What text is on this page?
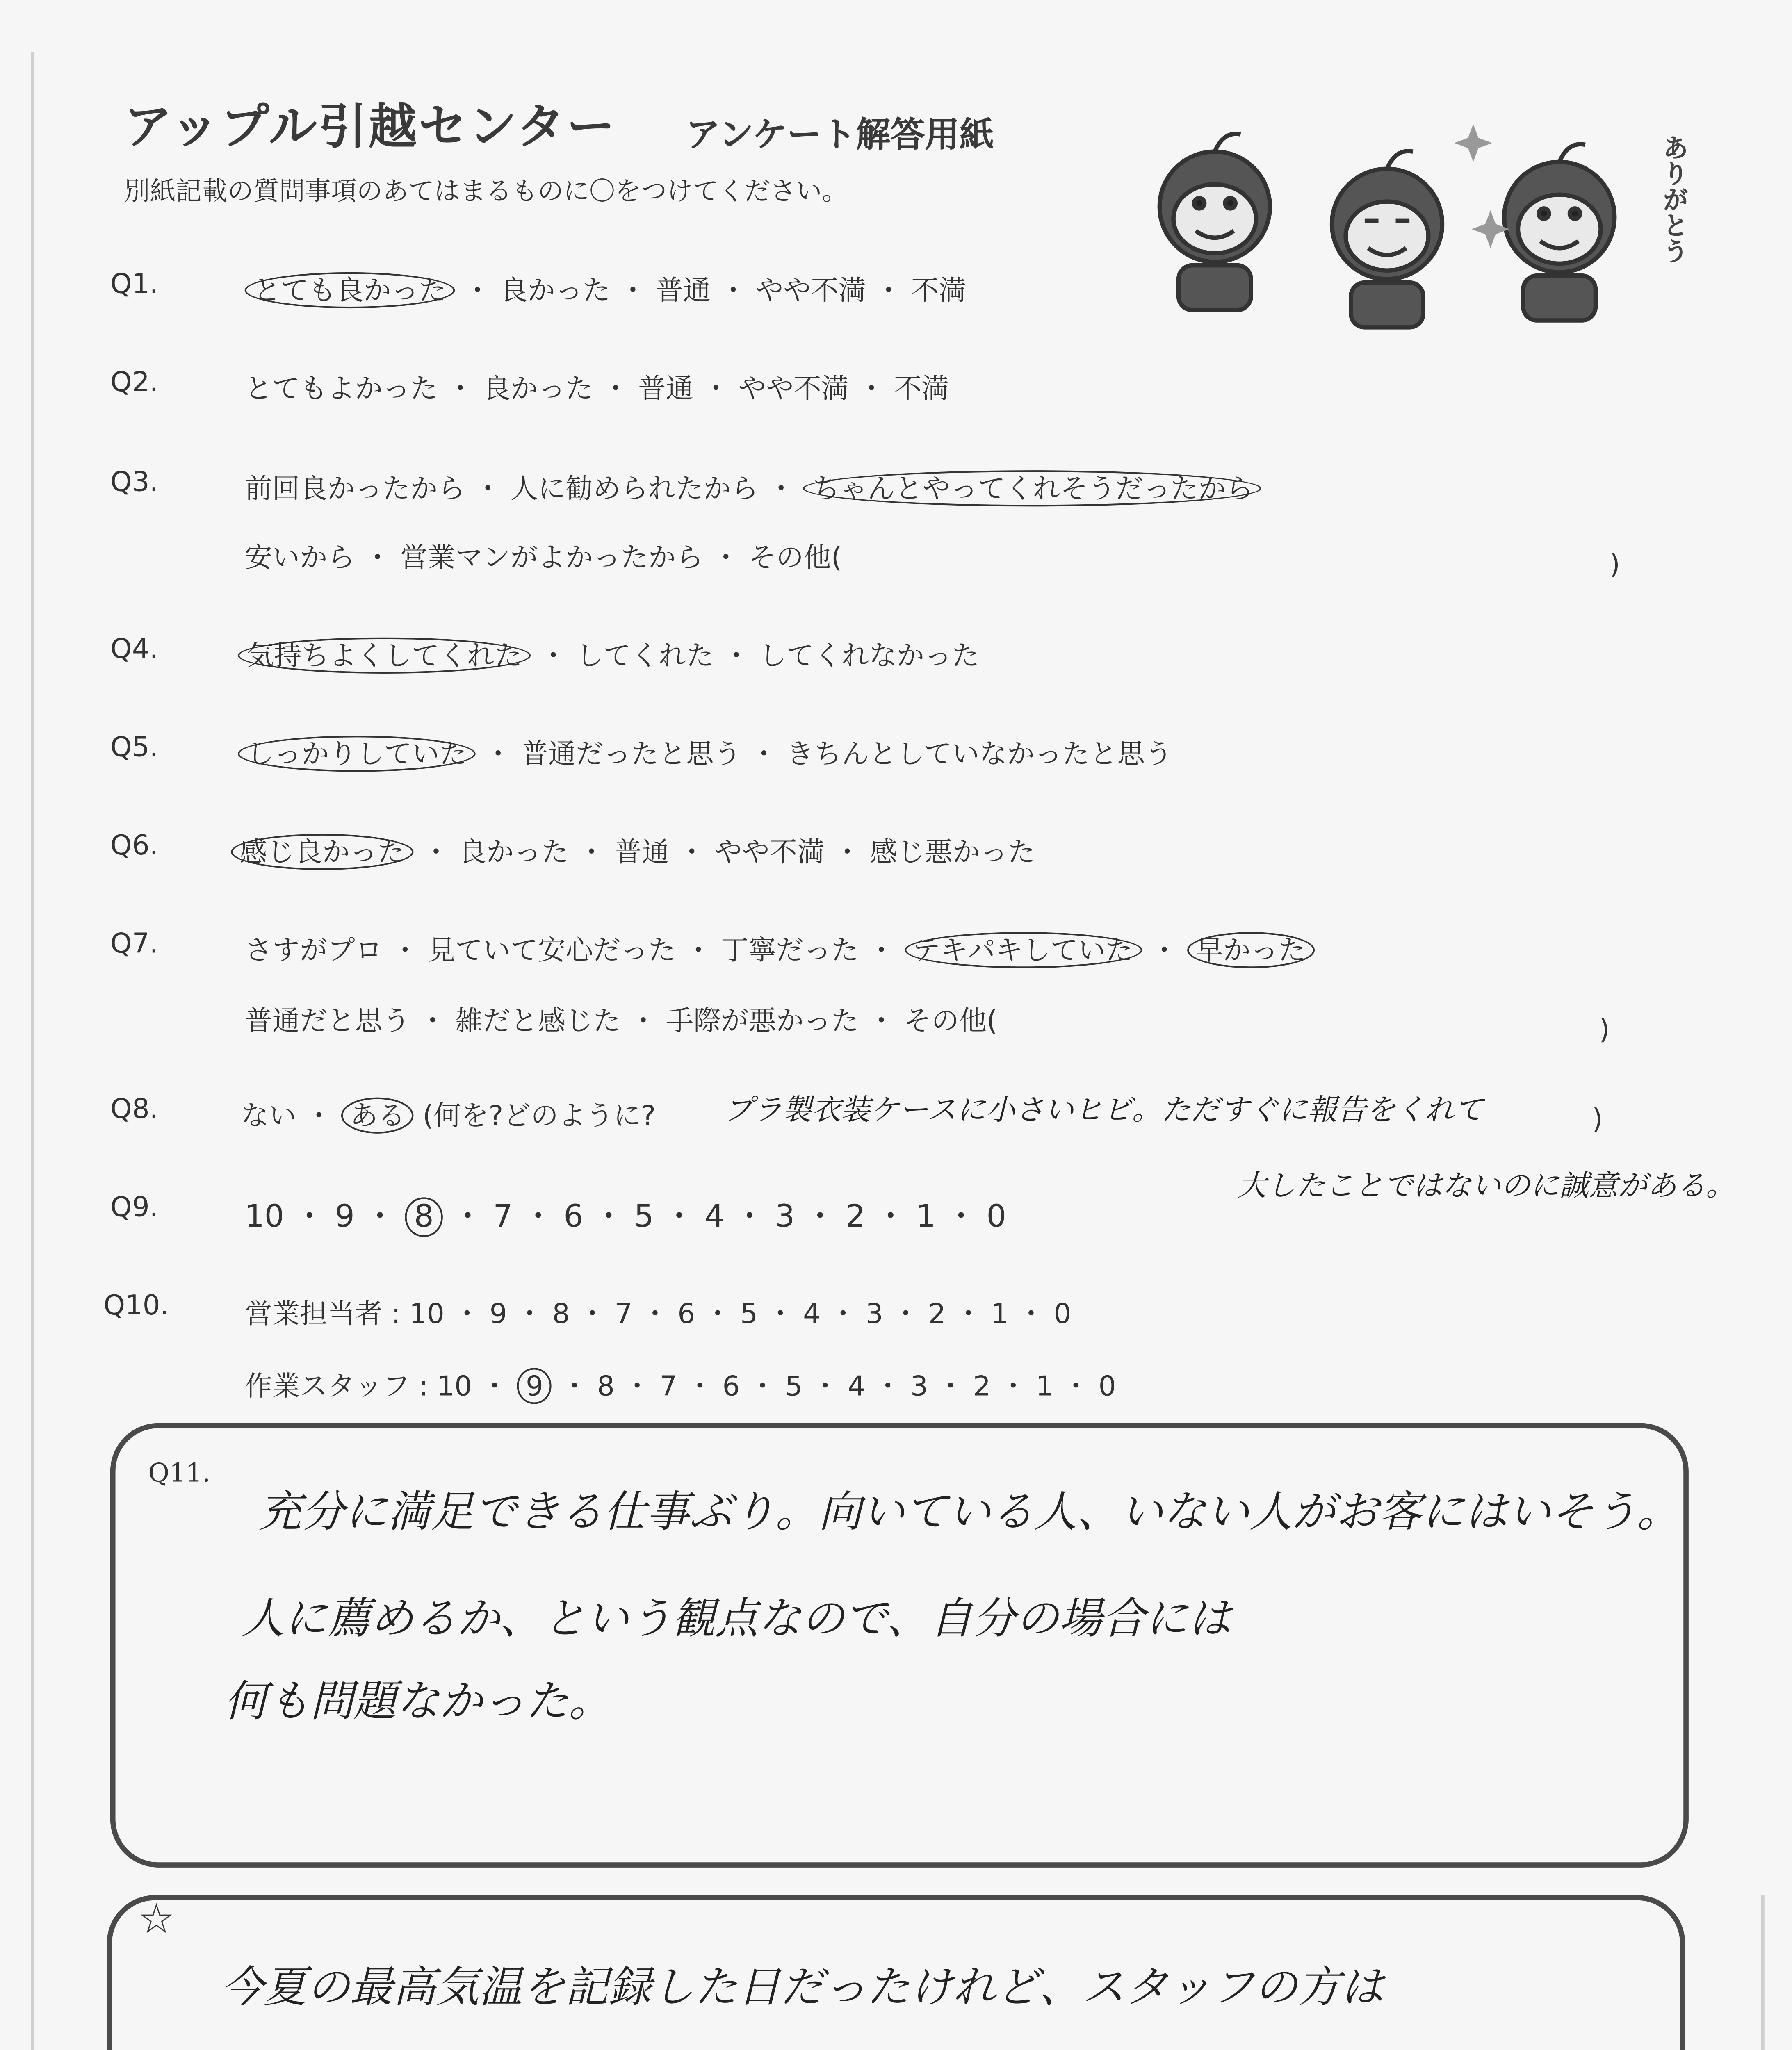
アップル引越センター	アンケート解答用紙
別紙記載の質問事項のあてはまるものに〇をつけてください。	ありがとう
Q1.	とても良かった ・ 良かった ・ 普通 ・ やや不満 ・ 不満
Q2.	とてもよかった ・ 良かった ・ 普通 ・ やや不満 ・ 不満
Q3.	前回良かったから ・ 人に勧められたから ・ ちゃんとやってくれそうだったから
安いから ・ 営業マンがよかったから ・ その他(	)
Q4.	気持ちよくしてくれた ・ してくれた ・ してくれなかった
Q5.	しっかりしていた ・ 普通だったと思う ・ きちんとしていなかったと思う
Q6.	感じ良かった ・ 良かった ・ 普通 ・ やや不満 ・ 感じ悪かった
Q7.	さすがプロ ・ 見ていて安心だった ・ 丁寧だった ・ テキパキしていた ・ 早かった
普通だと思う ・ 雑だと感じた ・ 手際が悪かった ・ その他(	)
Q8.	ない ・ ある	(何を?どのように?	プラ製衣装ケースに小さいヒビ。ただすぐに報告をくれて	)
大したことではないのに誠意がある。
Q9.	10 ・ 9 ・ 8 ・ 7 ・ 6 ・ 5 ・ 4 ・ 3 ・ 2 ・ 1 ・ 0
Q10.	営業担当者 : 10 ・ 9 ・ 8 ・ 7 ・ 6 ・ 5 ・ 4 ・ 3 ・ 2 ・ 1 ・ 0
作業スタッフ : 10 ・ 9 ・ 8 ・ 7 ・ 6 ・ 5 ・ 4 ・ 3 ・ 2 ・ 1 ・ 0
Q11.
充分に満足できる仕事ぶり。向いている人、いない人がお客にはいそう。
人に薦めるか、という観点なので、自分の場合には
何も問題なかった。
☆
今夏の最高気温を記録した日だったけれど、スタッフの方は
